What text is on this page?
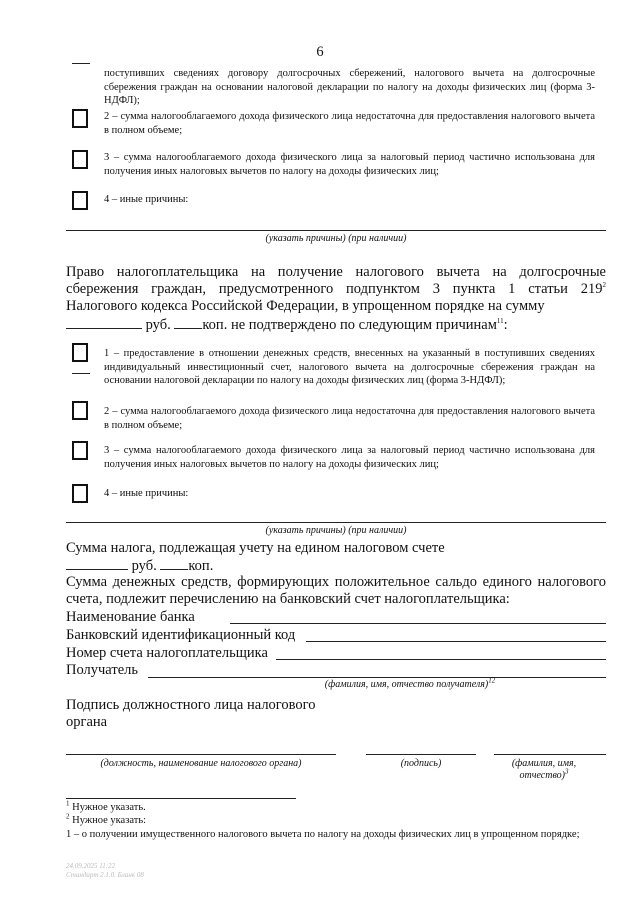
6
поступивших сведениях договору долгосрочных сбережений, налогового вычета на долгосрочные сбережения граждан на основании налоговой декларации по налогу на доходы физических лиц (форма 3-НДФЛ);
2 – сумма налогооблагаемого дохода физического лица недостаточна для предоставления налогового вычета в полном объеме;
3 – сумма налогооблагаемого дохода физического лица за налоговый период частично использована для получения иных налоговых вычетов по налогу на доходы физических лиц;
4 – иные причины:
(указать причины) (при наличии)
Право налогоплательщика на получение налогового вычета на долгосрочные сбережения граждан, предусмотренного подпунктом 3 пункта 1 статьи $219^2$ Налогового кодекса Российской Федерации, в упрощенном порядке на сумму
руб. коп. не подтверждено по следующим причинам$^{11}$:
1 – предоставление в отношении денежных средств, внесенных на указанный в поступивших сведениях индивидуальный инвестиционный счет, налогового вычета на долгосрочные сбережения граждан на основании налоговой декларации по налогу на доходы физических лиц (форма 3-НДФЛ);
2 – сумма налогооблагаемого дохода физического лица недостаточна для предоставления налогового вычета в полном объеме;
3 – сумма налогооблагаемого дохода физического лица за налоговый период частично использована для получения иных налоговых вычетов по налогу на доходы физических лиц;
4 – иные причины:
(указать причины) (при наличии)
Сумма налога, подлежащая учету на едином налоговом счете
руб. коп.
Сумма денежных средств, формирующих положительное сальдо единого налогового счета, подлежит перечислению на банковский счет налогоплательщика:
Наименование банка
Банковский идентификационный код
Номер счета налогоплательщика
Получатель
(фамилия, имя, отчество получателя)$^{12}$
Подпись должностного лица налогового органа
(должность, наименование налогового органа)	(подпись)	(фамилия, имя, отчество)$^3$
$^1$ Нужное указать.
$^2$ Нужное указать:
1 – о получении имущественного налогового вычета по налогу на доходы физических лиц в упрощенном порядке;
24.09.2025 11:22
Стандарт 2.1.0. Бланк 08
